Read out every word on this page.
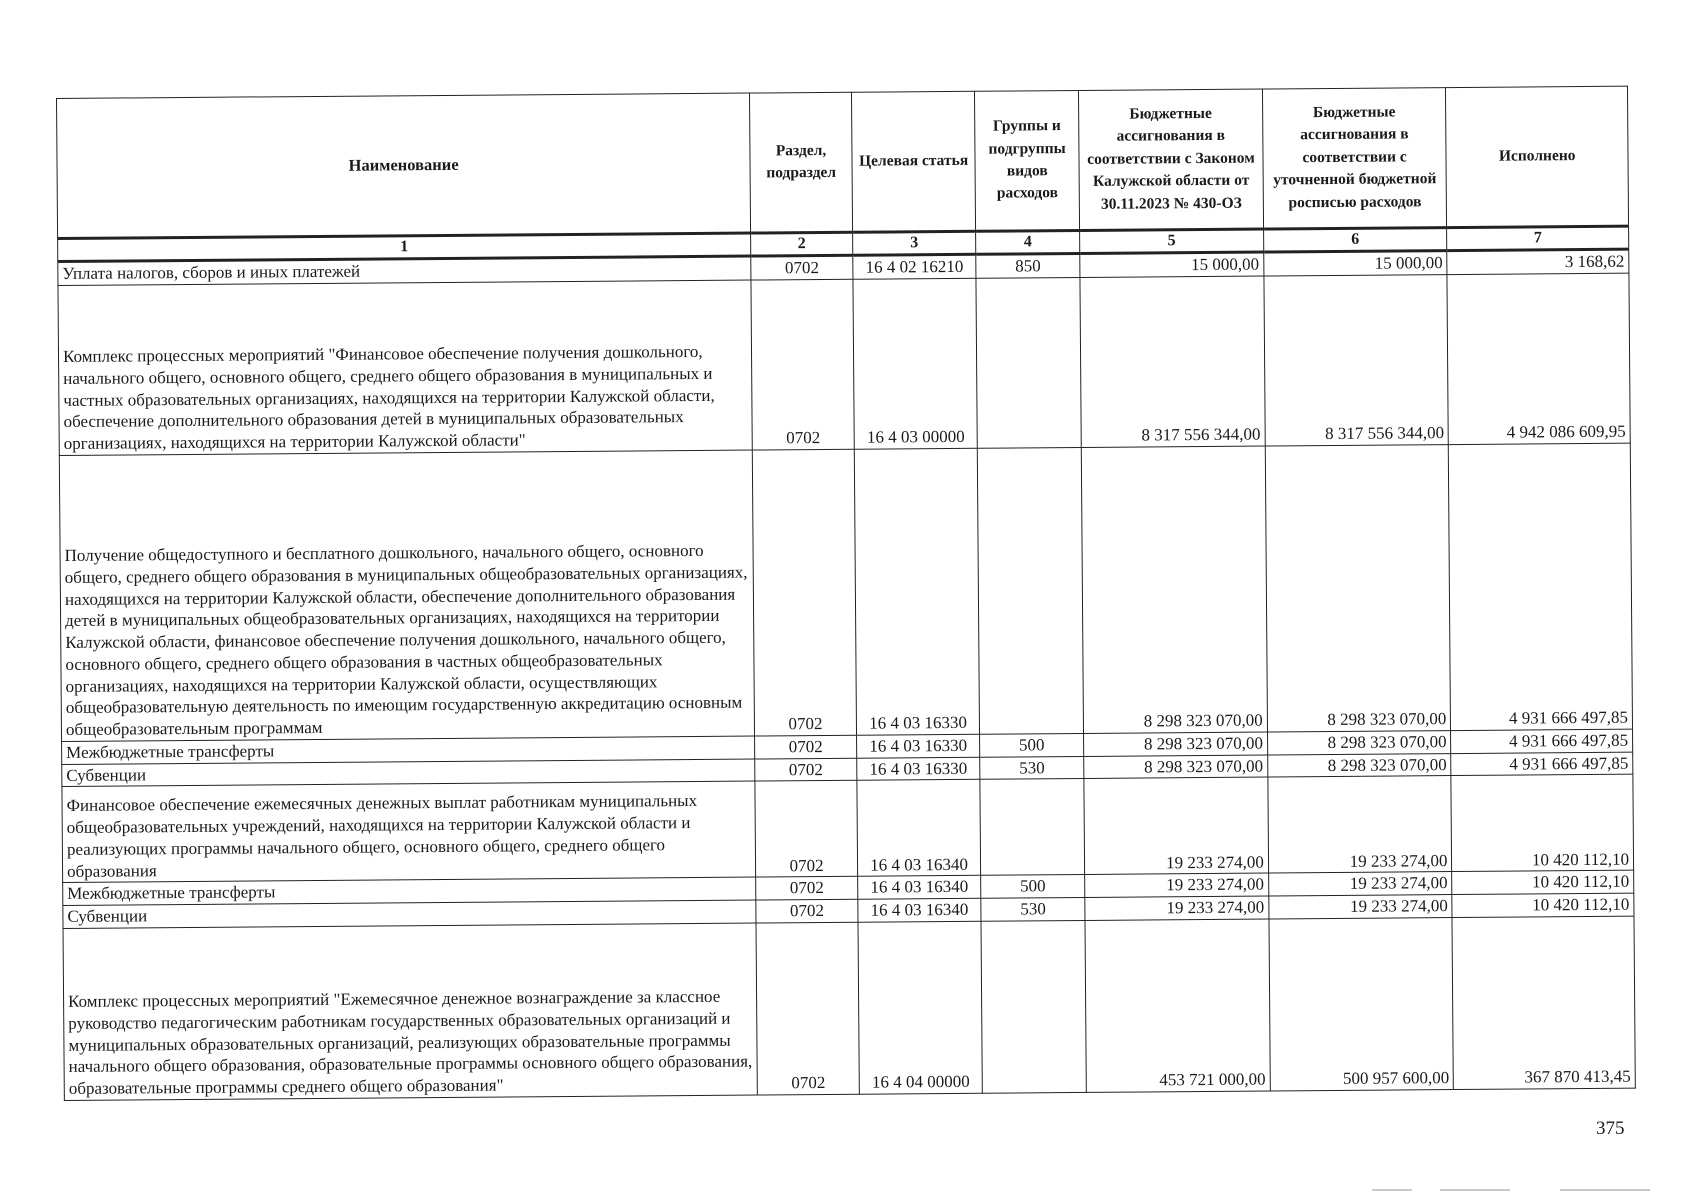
Наименование	Раздел, подраздел	Целевая статья	Группы и подгруппы видов расходов	Бюджетные ассигнования в соответствии с Законом Калужской области от 30.11.2023 № 430-ОЗ	Бюджетные ассигнования в соответствии с уточненной бюджетной росписью расходов	Исполнено
1	2	3	4	5	6	7
Уплата налогов, сборов и иных платежей	0702	16 4 02 16210	850	15 000,00	15 000,00	3 168,62
Комплекс процессных мероприятий "Финансовое обеспечение получения дошкольного, начального общего, основного общего, среднего общего образования в муниципальных и частных образовательных организациях, находящихся на территории Калужской области, обеспечение дополнительного образования детей в муниципальных образовательных организациях, находящихся на территории Калужской области"	0702	16 4 03 00000		8 317 556 344,00	8 317 556 344,00	4 942 086 609,95
Получение общедоступного и бесплатного дошкольного, начального общего, основного общего, среднего общего образования в муниципальных общеобразовательных организациях, находящихся на территории Калужской области, обеспечение дополнительного образования детей в муниципальных общеобразовательных организациях, находящихся на территории Калужской области, финансовое обеспечение получения дошкольного, начального общего, основного общего, среднего общего образования в частных общеобразовательных организациях, находящихся на территории Калужской области, осуществляющих общеобразовательную деятельность по имеющим государственную аккредитацию основным общеобразовательным программам	0702	16 4 03 16330		8 298 323 070,00	8 298 323 070,00	4 931 666 497,85
Межбюджетные трансферты	0702	16 4 03 16330	500	8 298 323 070,00	8 298 323 070,00	4 931 666 497,85
Субвенции	0702	16 4 03 16330	530	8 298 323 070,00	8 298 323 070,00	4 931 666 497,85
Финансовое обеспечение ежемесячных денежных выплат работникам муниципальных общеобразовательных учреждений, находящихся на территории Калужской области и реализующих программы начального общего, основного общего, среднего общего образования	0702	16 4 03 16340		19 233 274,00	19 233 274,00	10 420 112,10
Межбюджетные трансферты	0702	16 4 03 16340	500	19 233 274,00	19 233 274,00	10 420 112,10
Субвенции	0702	16 4 03 16340	530	19 233 274,00	19 233 274,00	10 420 112,10
Комплекс процессных мероприятий "Ежемесячное денежное вознаграждение за классное руководство педагогическим работникам государственных образовательных организаций и муниципальных образовательных организаций, реализующих образовательные программы начального общего образования, образовательные программы основного общего образования, образовательные программы среднего общего образования"	0702	16 4 04 00000		453 721 000,00	500 957 600,00	367 870 413,45
375
